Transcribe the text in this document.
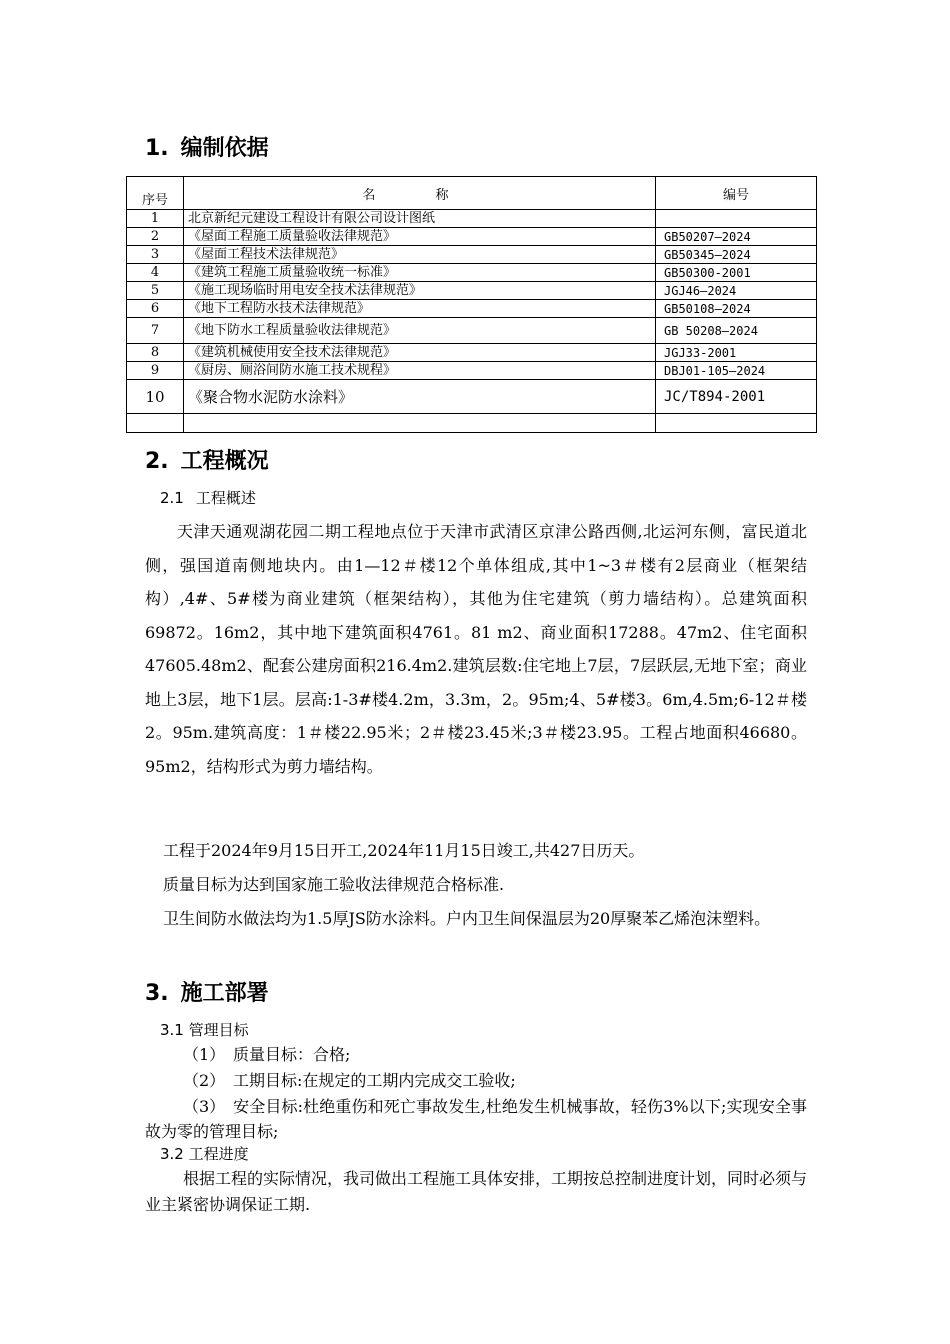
1. 编制依据
序号	名 称	编号
1	北京新纪元建设工程设计有限公司设计图纸	
2	《屋面工程施工质量验收法律规范》	GB50207—2024
3	《屋面工程技术法律规范》	GB50345—2024
4	《建筑工程施工质量验收统一标准》	GB50300-2001
5	《施工现场临时用电安全技术法律规范》	JGJ46—2024
6	《地下工程防水技术法律规范》	GB50108—2024
7	《地下防水工程质量验收法律规范》	GB 50208—2024
8	《建筑机械使用安全技术法律规范》	JGJ33-2001
9	《厨房、厕浴间防水施工技术规程》	DBJ01-105—2024
10	《聚合物水泥防水涂料》	JC/T894-2001

2. 工程概况
2.1 工程概述

天津天通观湖花园二期工程地点位于天津市武清区京津公路西侧,北运河东侧，富民道北侧，强国道南侧地块内。由1—12＃楼12个单体组成,其中1~3＃楼有2层商业（框架结构）,4#、5#楼为商业建筑（框架结构），其他为住宅建筑（剪力墙结构）。总建筑面积69872。16m2，其中地下建筑面积4761。81 m2、商业面积17288。47m2、住宅面积47605.48m2、配套公建房面积216.4m2.建筑层数:住宅地上7层，7层跃层,无地下室；商业地上3层，地下1层。层高:1-3#楼4.2m，3.3m，2。95m;4、5#楼3。6m,4.5m;6-12＃楼2。95m.建筑高度：1＃楼22.95米；2＃楼23.45米;3＃楼23.95。工程占地面积46680。95m2，结构形式为剪力墙结构。

工程于2024年9月15日开工,2024年11月15日竣工,共427日历天。
质量目标为达到国家施工验收法律规范合格标准.

卫生间防水做法均为1.5厚JS防水涂料。户内卫生间保温层为20厚聚苯乙烯泡沫塑料。

3. 施工部署
3.1 管理目标
（1） 质量目标：合格;
（2） 工期目标:在规定的工期内完成交工验收;
（3） 安全目标:杜绝重伤和死亡事故发生,杜绝发生机械事故，轻伤3%以下;实现安全事故为零的管理目标;
3.2 工程进度

根据工程的实际情况，我司做出工程施工具体安排，工期按总控制进度计划，同时必须与业主紧密协调保证工期.
